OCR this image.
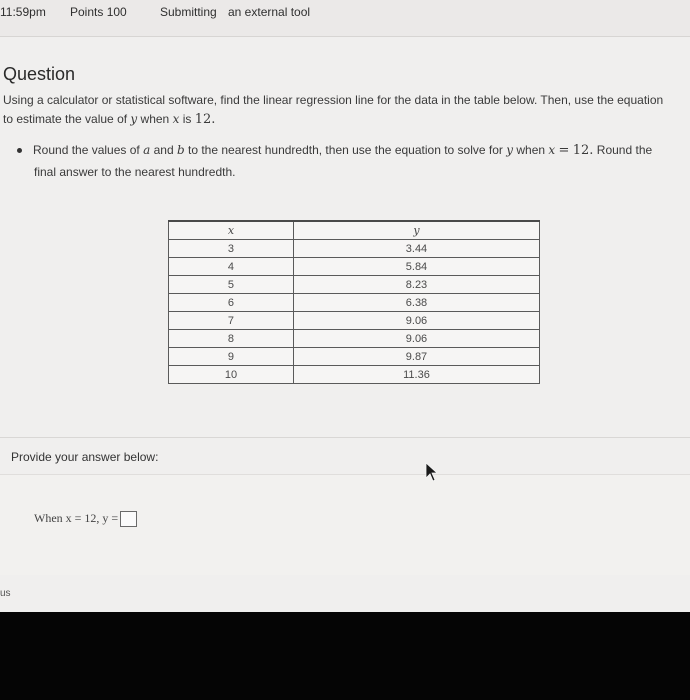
11:59pm Points 100	Submitting an external tool
Question
Using a calculator or statistical software, find the linear regression line for the data in the table below. Then, use the equation to estimate the value of y when x is 12.
Round the values of a and b to the nearest hundredth, then use the equation to solve for y when x = 12. Round the
final answer to the nearest hundredth.
x	y
3	3.44
4	5.84
5	8.23
6	6.38
7	9.06
8	9.06
9	9.87
10	11.36
Provide your answer below:
When x = 12, y =
us
